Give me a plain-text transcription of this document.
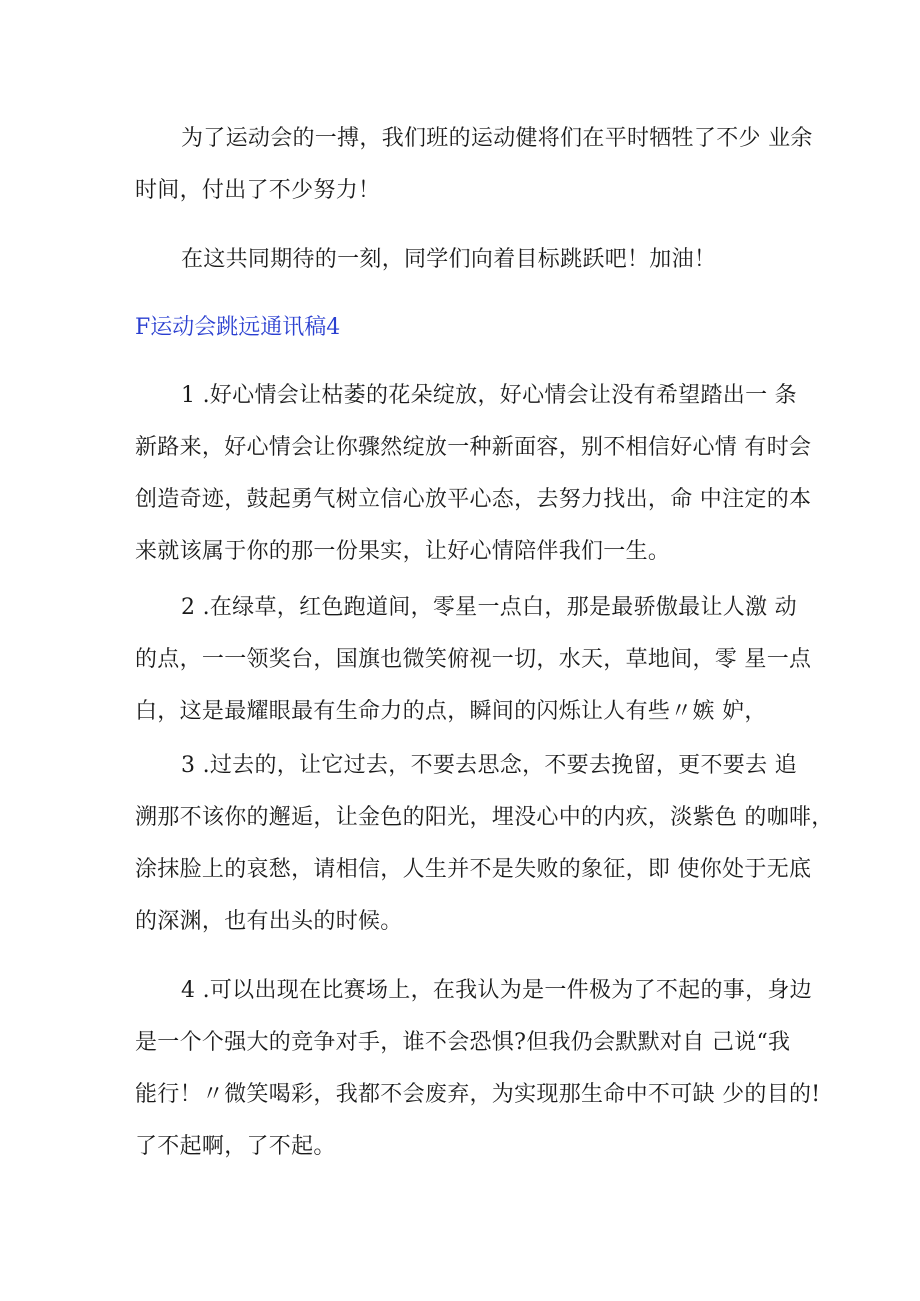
为了运动会的一搏，我们班的运动健将们在平时牺牲了不少 业余
时间，付出了不少努力！
在这共同期待的一刻，同学们向着目标跳跃吧！加油！
F运动会跳远通讯稿4
1 .好心情会让枯萎的花朵绽放，好心情会让没有希望踏出一 条
新路来，好心情会让你骤然绽放一种新面容，别不相信好心情 有时会
创造奇迹，鼓起勇气树立信心放平心态，去努力找出，命 中注定的本
来就该属于你的那一份果实，让好心情陪伴我们一生。
2 .在绿草，红色跑道间，零星一点白，那是最骄傲最让人激 动
的点，一一领奖台，国旗也微笑俯视一切，水天，草地间，零 星一点
白，这是最耀眼最有生命力的点，瞬间的闪烁让人有些〃嫉 妒，
3 .过去的，让它过去，不要去思念，不要去挽留，更不要去 追
溯那不该你的邂逅，让金色的阳光，埋没心中的内疚，淡紫色 的咖啡，
涂抹脸上的哀愁，请相信，人生并不是失败的象征，即 使你处于无底
的深渊，也有出头的时候。
4 .可以出现在比赛场上，在我认为是一件极为了不起的事，身边
是一个个强大的竞争对手，谁不会恐惧?但我仍会默默对自 己说“我
能行！〃微笑喝彩，我都不会废弃，为实现那生命中不可缺 少的目的!
了不起啊，了不起。
